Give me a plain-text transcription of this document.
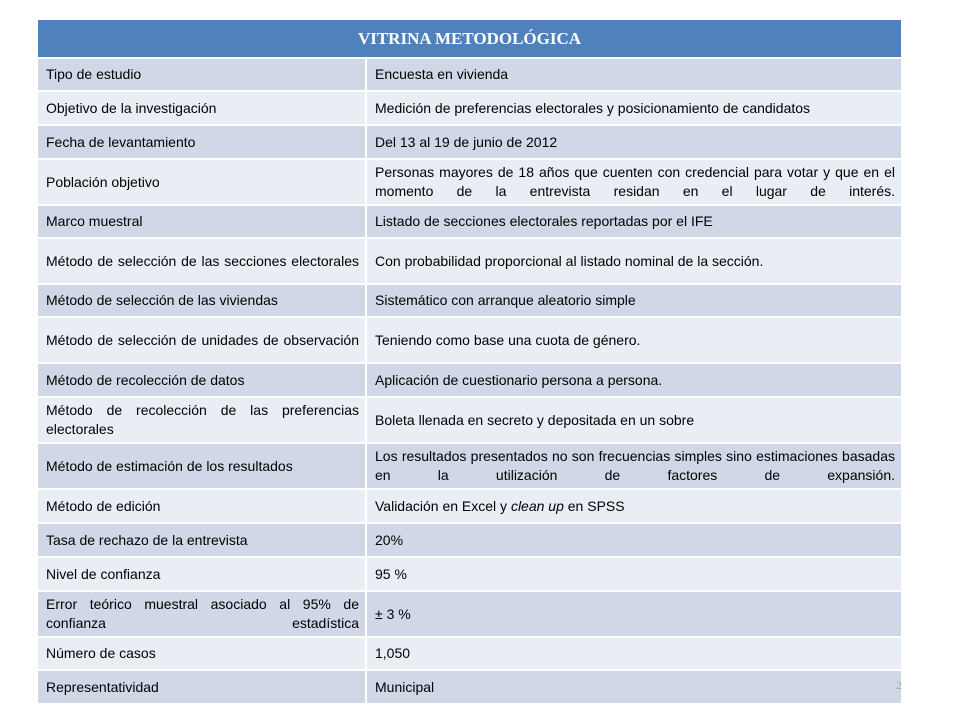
VITRINA METODOLÓGICA	
Tipo de estudio	Encuesta en vivienda
Objetivo de la investigación	Medición de preferencias electorales y posicionamiento de candidatos
Fecha de levantamiento	Del 13 al 19 de junio de 2012
Población objetivo	Personas mayores de 18 años que cuenten con credencial para votar y que en el momento de la entrevista residan en el lugar de interés.
Marco muestral	Listado de secciones electorales reportadas por el IFE
Método de selección de las secciones electorales	Con probabilidad proporcional al listado nominal de la sección.
Método de selección de las viviendas	Sistemático con arranque aleatorio simple
Método de selección de unidades de observación	Teniendo como base una cuota de género.
Método de recolección de datos	Aplicación de cuestionario persona a persona.
Método de recolección de las preferencias electorales	Boleta llenada en secreto y depositada en un sobre
Método de estimación de los resultados	Los resultados presentados no son frecuencias simples sino estimaciones basadas en la utilización de factores de expansión.
Método de edición	Validación en Excel y clean up en SPSS
Tasa de rechazo de la entrevista	20%
Nivel de confianza	95 %
Error teórico muestral asociado al 95% de confianza estadística	± 3 %
Número de casos	1,050
Representatividad	Municipal	2
